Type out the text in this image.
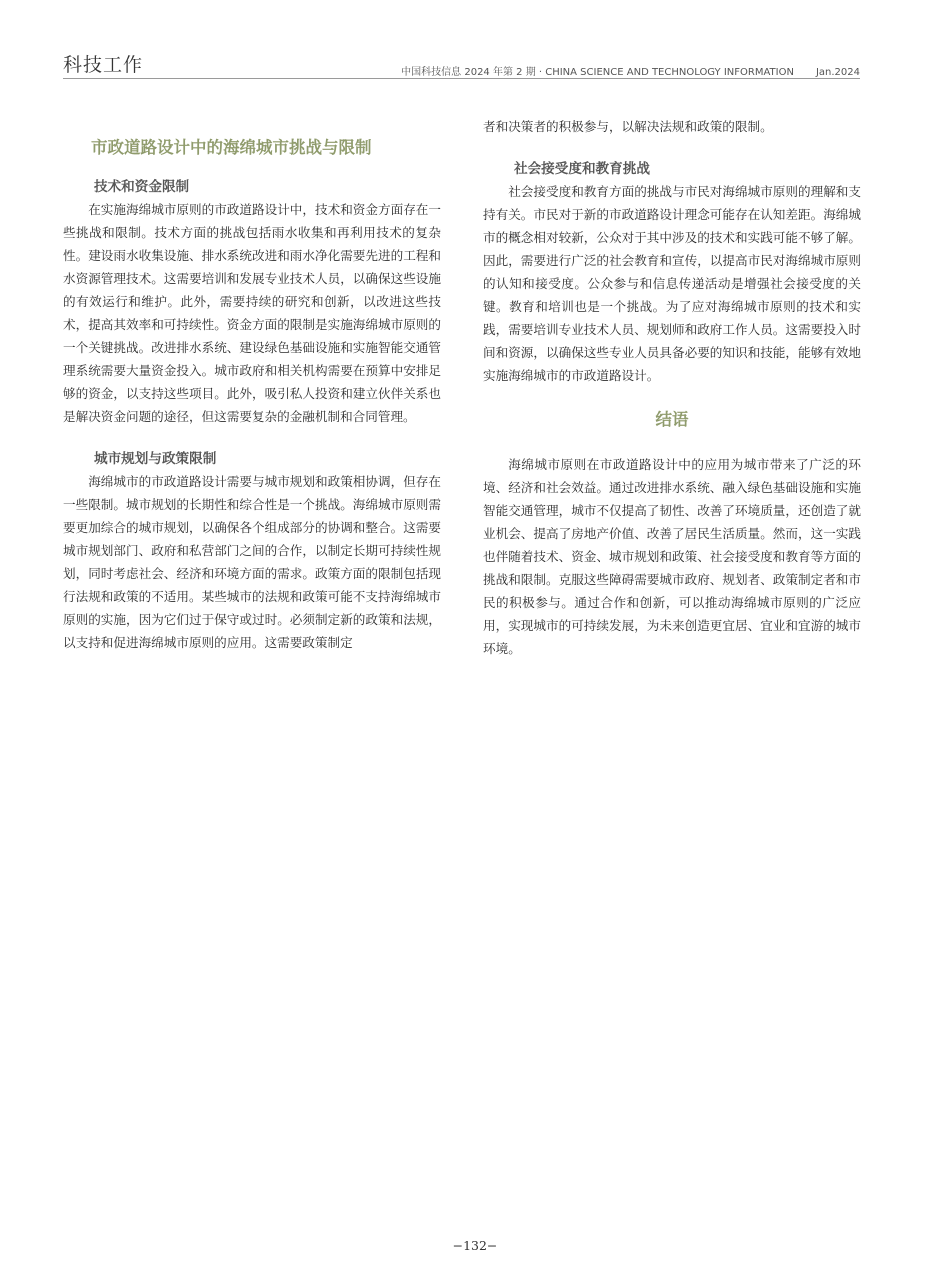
科技工作	中国科技信息 2024 年第 2 期 · CHINA SCIENCE AND TECHNOLOGY INFORMATION Jan.2024
市政道路设计中的海绵城市挑战与限制
技术和资金限制

在实施海绵城市原则的市政道路设计中，技术和资金方面存在一些挑战和限制。技术方面的挑战包括雨水收集和再利用技术的复杂性。建设雨水收集设施、排水系统改进和雨水净化需要先进的工程和水资源管理技术。这需要培训和发展专业技术人员，以确保这些设施的有效运行和维护。此外，需要持续的研究和创新，以改进这些技术，提高其效率和可持续性。资金方面的限制是实施海绵城市原则的一个关键挑战。改进排水系统、建设绿色基础设施和实施智能交通管理系统需要大量资金投入。城市政府和相关机构需要在预算中安排足够的资金，以支持这些项目。此外，吸引私人投资和建立伙伴关系也是解决资金问题的途径，但这需要复杂的金融机制和合同管理。

城市规划与政策限制

海绵城市的市政道路设计需要与城市规划和政策相协调，但存在一些限制。城市规划的长期性和综合性是一个挑战。海绵城市原则需要更加综合的城市规划，以确保各个组成部分的协调和整合。这需要城市规划部门、政府和私营部门之间的合作，以制定长期可持续性规划，同时考虑社会、经济和环境方面的需求。政策方面的限制包括现行法规和政策的不适用。某些城市的法规和政策可能不支持海绵城市原则的实施，因为它们过于保守或过时。必须制定新的政策和法规，以支持和促进海绵城市原则的应用。这需要政策制定

者和决策者的积极参与，以解决法规和政策的限制。

社会接受度和教育挑战

社会接受度和教育方面的挑战与市民对海绵城市原则的理解和支持有关。市民对于新的市政道路设计理念可能存在认知差距。海绵城市的概念相对较新，公众对于其中涉及的技术和实践可能不够了解。因此，需要进行广泛的社会教育和宣传，以提高市民对海绵城市原则的认知和接受度。公众参与和信息传递活动是增强社会接受度的关键。教育和培训也是一个挑战。为了应对海绵城市原则的技术和实践，需要培训专业技术人员、规划师和政府工作人员。这需要投入时间和资源，以确保这些专业人员具备必要的知识和技能，能够有效地实施海绵城市的市政道路设计。

结语

海绵城市原则在市政道路设计中的应用为城市带来了广泛的环境、经济和社会效益。通过改进排水系统、融入绿色基础设施和实施智能交通管理，城市不仅提高了韧性、改善了环境质量，还创造了就业机会、提高了房地产价值、改善了居民生活质量。然而，这一实践也伴随着技术、资金、城市规划和政策、社会接受度和教育等方面的挑战和限制。克服这些障碍需要城市政府、规划者、政策制定者和市民的积极参与。通过合作和创新，可以推动海绵城市原则的广泛应用，实现城市的可持续发展，为未来创造更宜居、宜业和宜游的城市环境。

−132−
